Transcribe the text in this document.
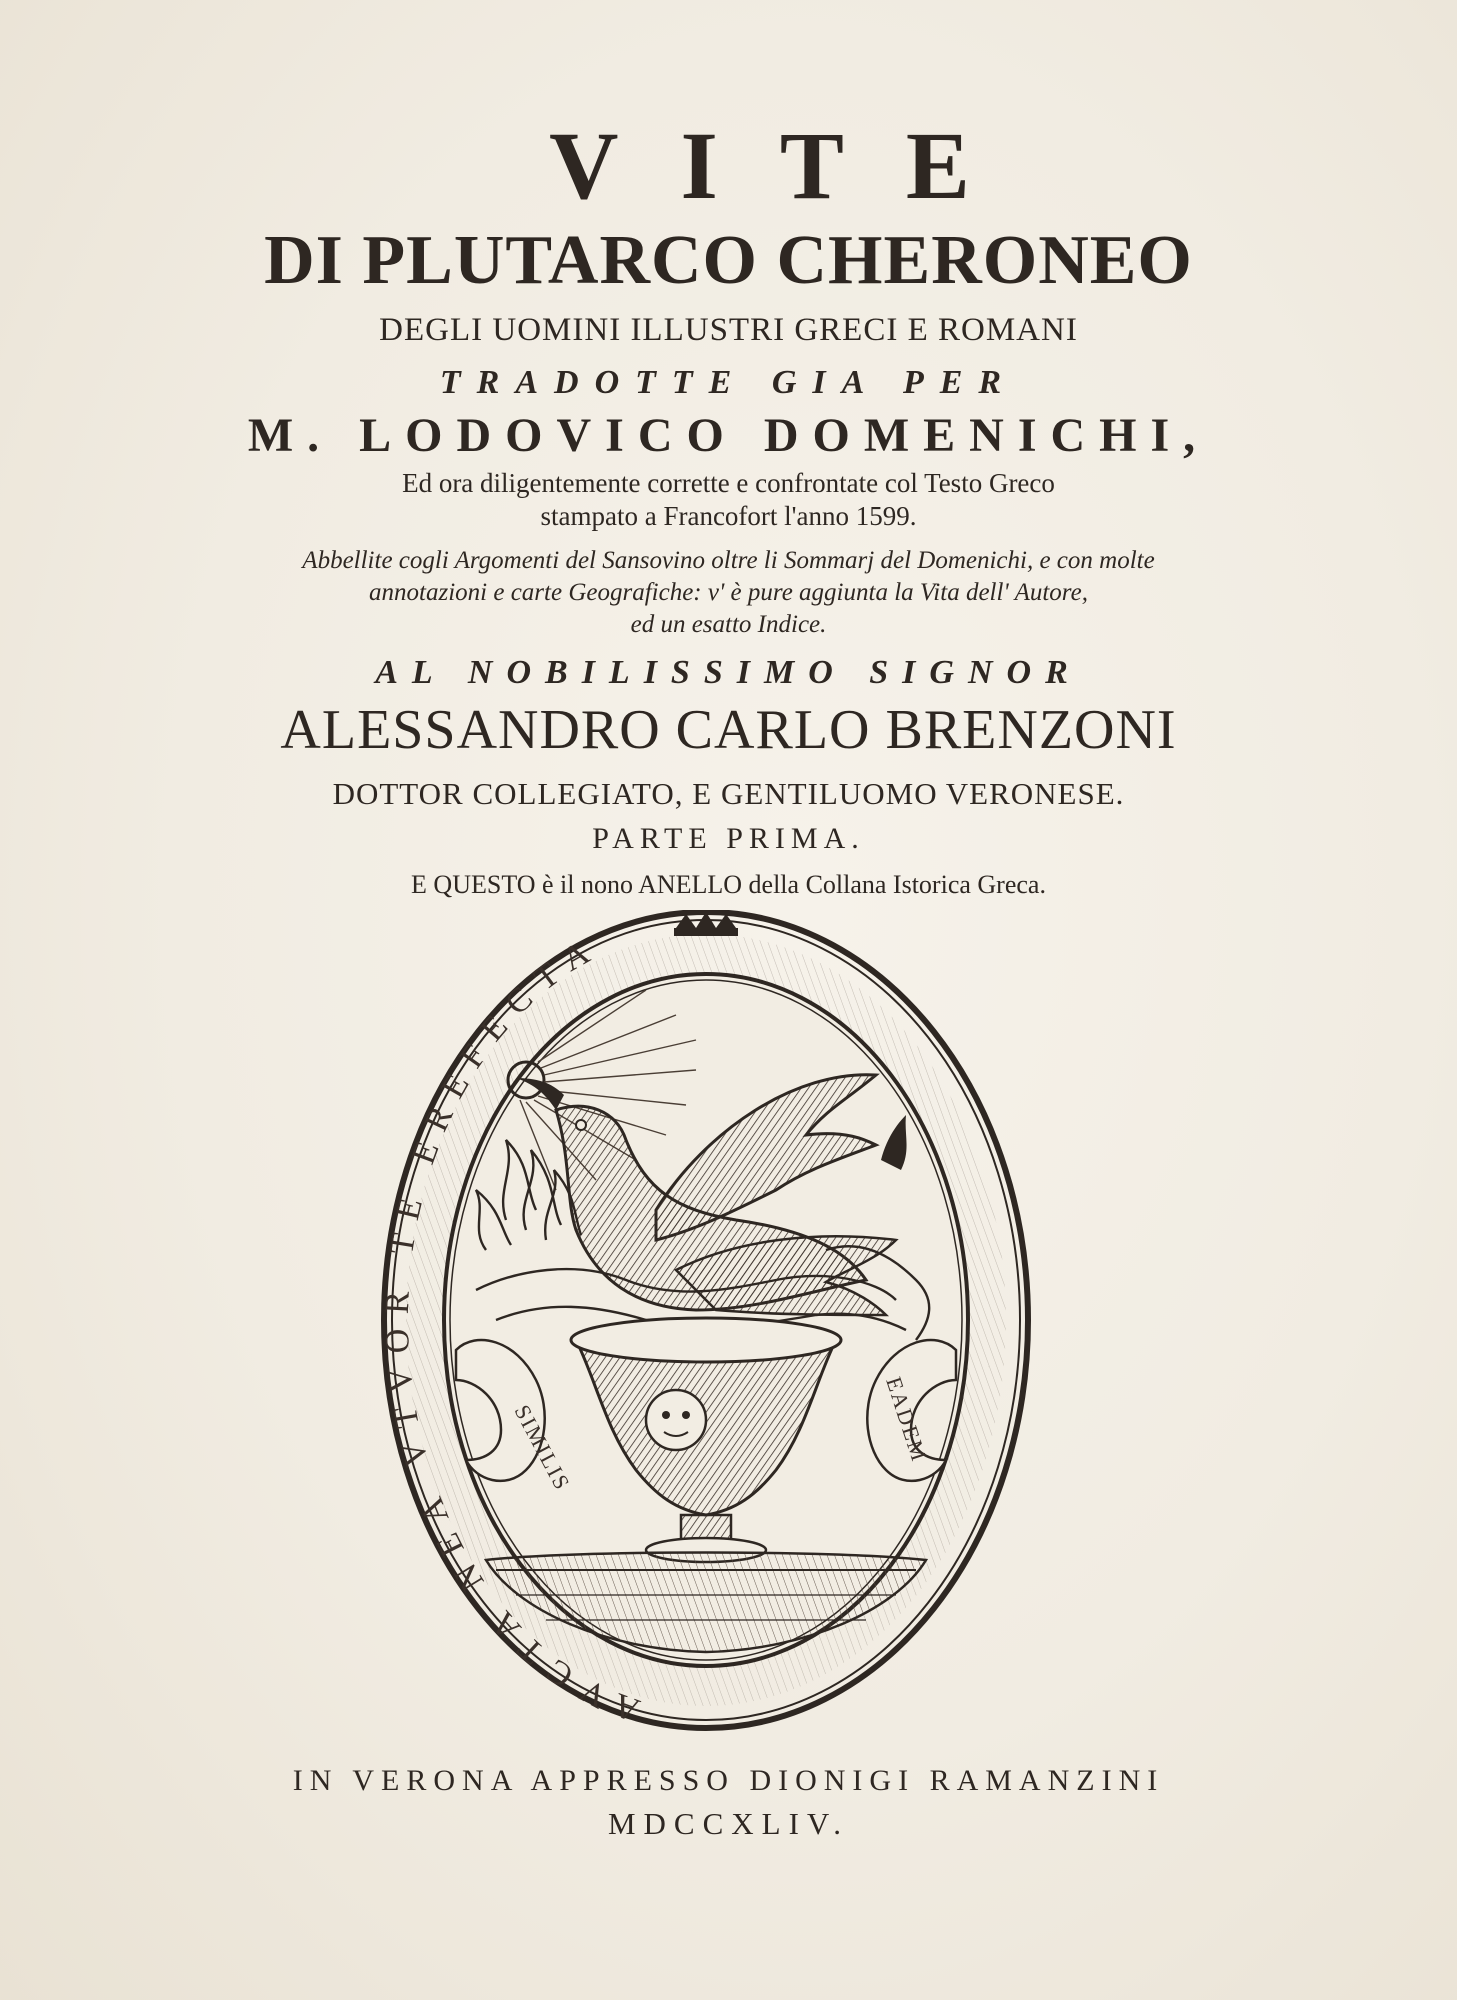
VITE
DI PLUTARCO CHERONEO
DEGLI UOMINI ILLUSTRI GRECI E ROMANI
TRADOTTE GIA PER
M. LODOVICO DOMENICHI,
Ed ora diligentemente corrette e confrontate col Testo Greco
stampato a Francofort l'anno 1599.
Abbellite cogli Argomenti del Sansovino oltre li Sommarj del Domenichi, e con molte
annotazioni e carte Geografiche: v' è pure aggiunta la Vita dell' Autore,
ed un esatto Indice.
AL NOBILISSIMO SIGNOR
ALESSANDRO CARLO BRENZONI
DOTTOR COLLEGIATO, E GENTILUOMO VERONESE.
PARTE PRIMA.
E QUESTO è il nono ANELLO della Collana Istorica Greca.
AVCTA NEA VTVOR TE EREFECTA
SIMILIS	EADEM
IN VERONA APPRESSO DIONIGI RAMANZINI
MDCCXLIV.
